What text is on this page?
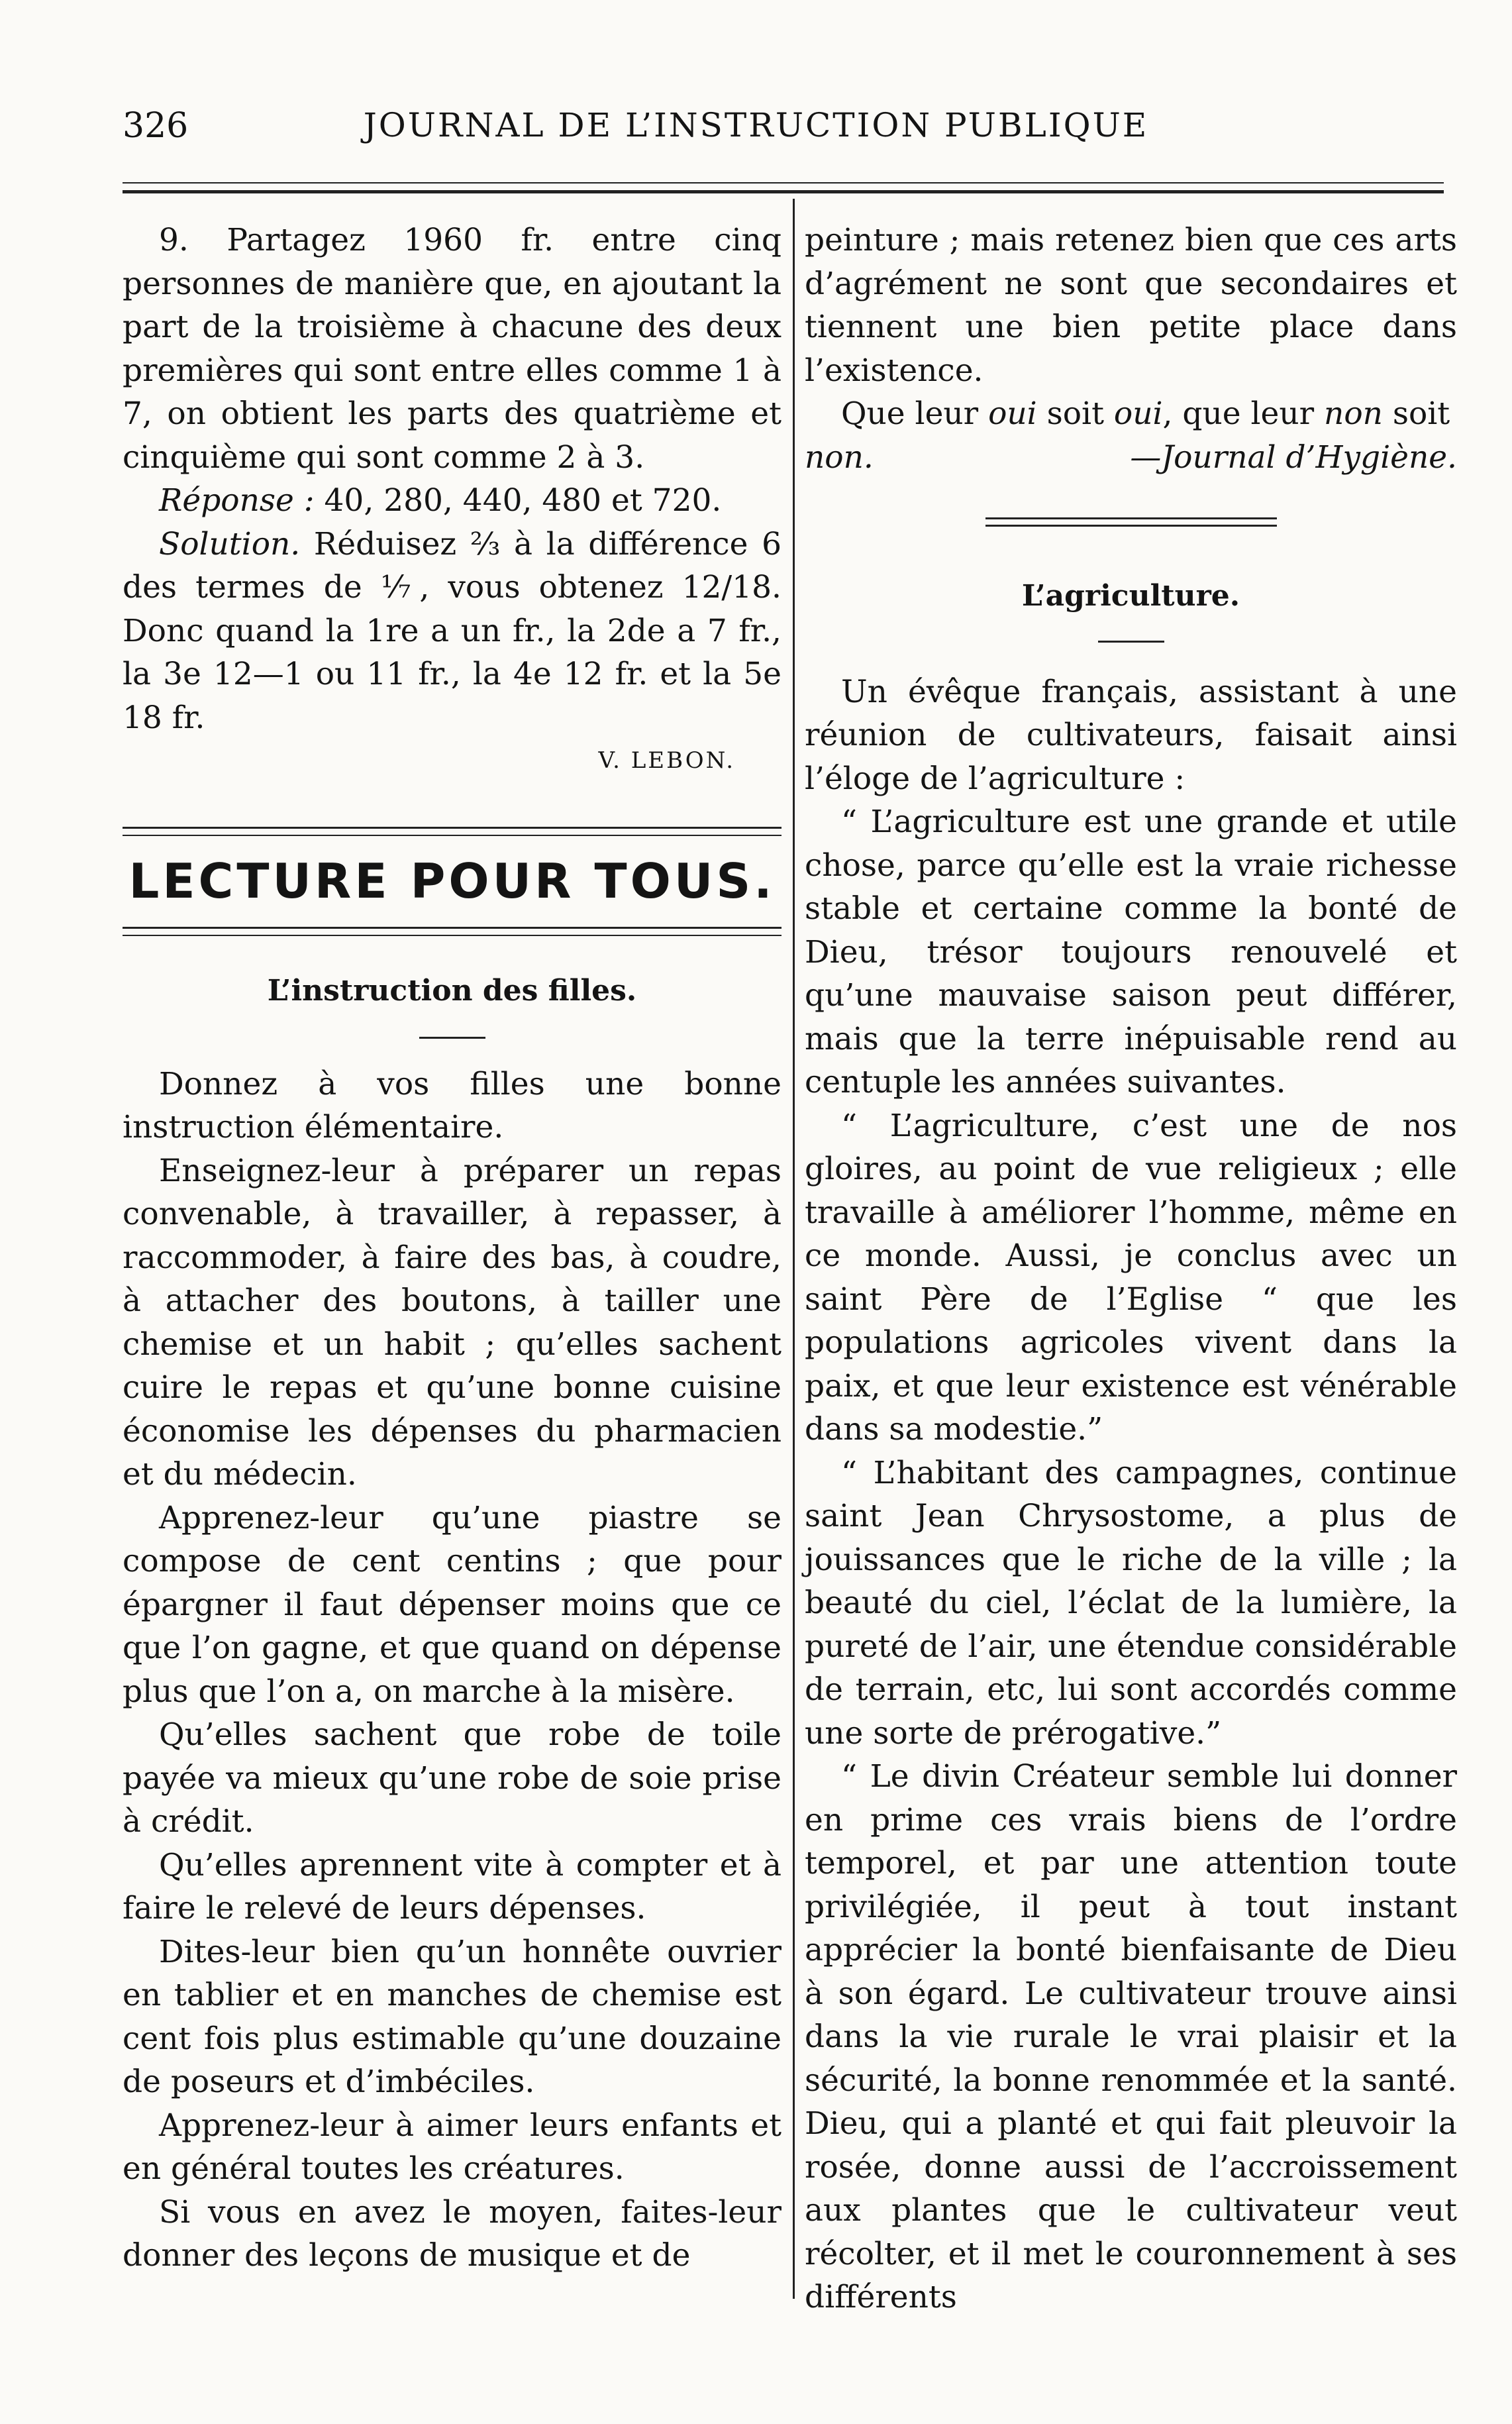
326	JOURNAL DE L’INSTRUCTION PUBLIQUE

9. Partagez 1960 fr. entre cinq personnes de manière que, en ajoutant la part de la troisième à chacune des deux premières qui sont entre elles comme 1 à 7, on obtient les parts des quatrième et cinquième qui sont comme 2 à 3.

Réponse : 40, 280, 440, 480 et 720.

Solution. Réduisez ⅔ à la différence 6 des termes de ⅐, vous obtenez 12/18. Donc quand la 1re a un fr., la 2de a 7 fr., la 3e 12—1 ou 11 fr., la 4e 12 fr. et la 5e 18 fr.

V. LEBON.

LECTURE POUR TOUS.

L’instruction des filles.

Donnez à vos filles une bonne instruction élémentaire.

Enseignez-leur à préparer un repas convenable, à travailler, à repasser, à raccommoder, à faire des bas, à coudre, à attacher des boutons, à tailler une chemise et un habit ; qu’elles sachent cuire le repas et qu’une bonne cuisine économise les dépenses du pharmacien et du médecin.

Apprenez-leur qu’une piastre se compose de cent centins ; que pour épargner il faut dépenser moins que ce que l’on gagne, et que quand on dépense plus que l’on a, on marche à la misère.

Qu’elles sachent que robe de toile payée va mieux qu’une robe de soie prise à crédit.

Qu’elles aprennent vite à compter et à faire le relevé de leurs dépenses.

Dites-leur bien qu’un honnête ouvrier en tablier et en manches de chemise est cent fois plus estimable qu’une douzaine de poseurs et d’imbéciles.

Apprenez-leur à aimer leurs enfants et en général toutes les créatures.

Si vous en avez le moyen, faites-leur donner des leçons de musique et de

peinture ; mais retenez bien que ces arts d’agrément ne sont que secondaires et tiennent une bien petite place dans l’existence.

Que leur oui soit oui, que leur non soit

non.	—Journal d’Hygiène.

L’agriculture.

Un évêque français, assistant à une réunion de cultivateurs, faisait ainsi l’éloge de l’agriculture :

“ L’agriculture est une grande et utile chose, parce qu’elle est la vraie richesse stable et certaine comme la bonté de Dieu, trésor toujours renouvelé et qu’une mauvaise saison peut différer, mais que la terre inépuisable rend au centuple les années suivantes.

“ L’agriculture, c’est une de nos gloires, au point de vue religieux ; elle travaille à améliorer l’homme, même en ce monde. Aussi, je conclus avec un saint Père de l’Eglise “ que les populations agricoles vivent dans la paix, et que leur existence est vénérable dans sa modestie.”

“ L’habitant des campagnes, continue saint Jean Chrysostome, a plus de jouissances que le riche de la ville ; la beauté du ciel, l’éclat de la lumière, la pureté de l’air, une étendue considérable de terrain, etc, lui sont accordés comme une sorte de prérogative.”

“ Le divin Créateur semble lui donner en prime ces vrais biens de l’ordre temporel, et par une attention toute privilégiée, il peut à tout instant apprécier la bonté bienfaisante de Dieu à son égard. Le cultivateur trouve ainsi dans la vie rurale le vrai plaisir et la sécurité, la bonne renommée et la santé. Dieu, qui a planté et qui fait pleuvoir la rosée, donne aussi de l’accroissement aux plantes que le cultivateur veut récolter, et il met le couronnement à ses différents
